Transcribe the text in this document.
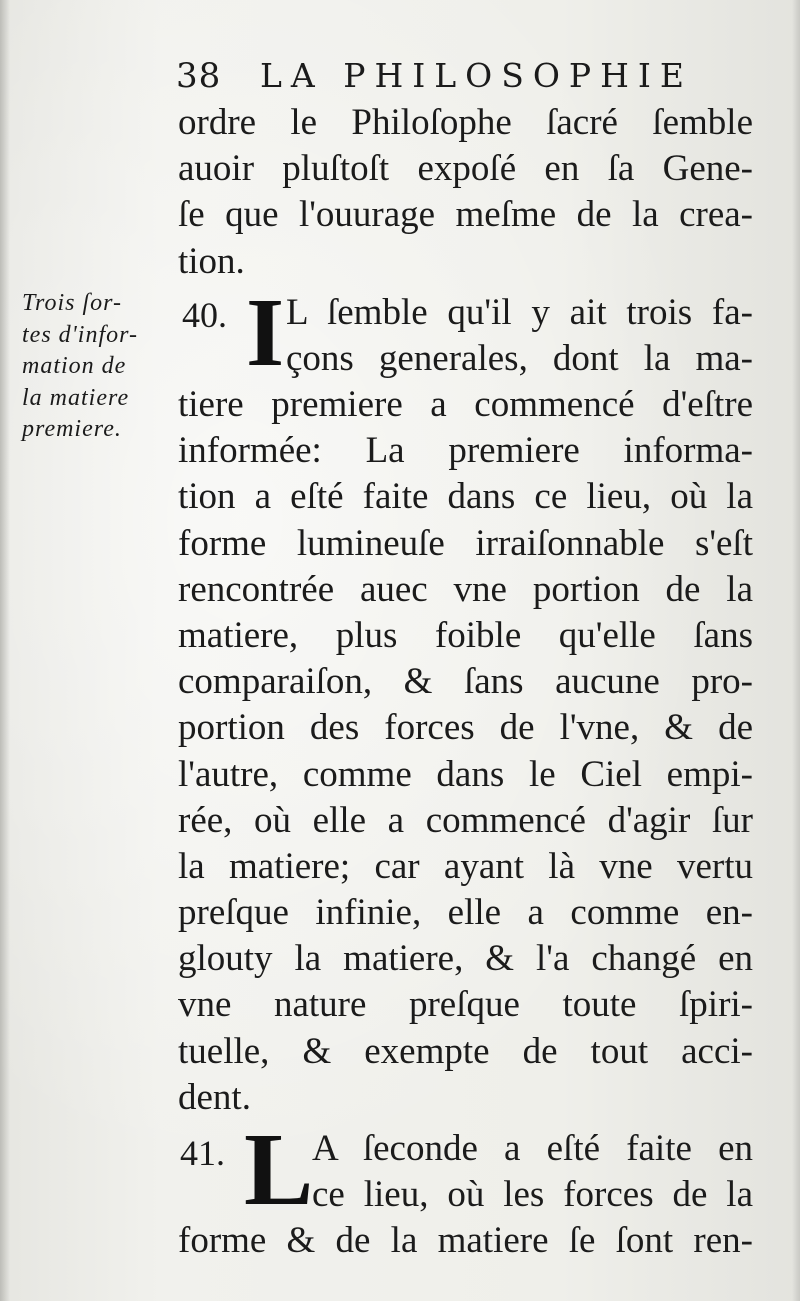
38 LA PHILOSOPHIE
ordre le Philoſophe ſacré ſemble
auoir pluſtoſt expoſé en ſa Gene-
ſe que l'ouurage meſme de la crea-
tion.
Trois ſor-
tes d'infor-
mation de
la matiere
premiere.
40. I L ſemble qu'il y ait trois fa-
çons generales, dont la ma-
tiere premiere a commencé d'eſtre
informée: La premiere informa-
tion a eſté faite dans ce lieu, où la
forme lumineuſe irraiſonnable s'eſt
rencontrée auec vne portion de la
matiere, plus foible qu'elle ſans
comparaiſon, & ſans aucune pro-
portion des forces de l'vne, & de
l'autre, comme dans le Ciel empi-
rée, où elle a commencé d'agir ſur
la matiere; car ayant là vne vertu
preſque infinie, elle a comme en-
glouty la matiere, & l'a changé en
vne nature preſque toute ſpiri-
tuelle, & exempte de tout acci-
dent.
41. L
A ſeconde a eſté faite en
ce lieu, où les forces de la
forme & de la matiere ſe ſont ren-
